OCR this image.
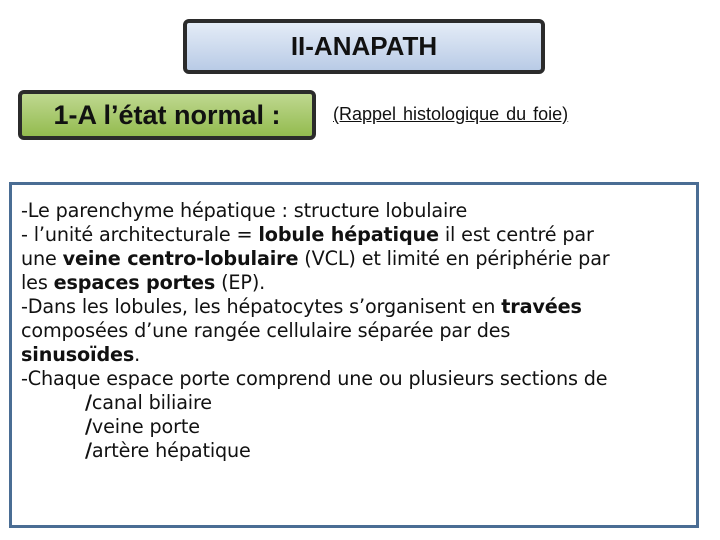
II-ANAPATH
1-A l’état normal :	(Rappel histologique du foie)
-Le parenchyme hépatique : structure lobulaire
- l’unité architecturale = lobule hépatique il est centré par
une veine centro-lobulaire (VCL) et limité en périphérie par
les espaces portes (EP).
-Dans les lobules, les hépatocytes s’organisent en travées
composées d’une rangée cellulaire séparée par des
sinusoïdes.
-Chaque espace porte comprend une ou plusieurs sections de
/canal biliaire
/veine porte
/artère hépatique
